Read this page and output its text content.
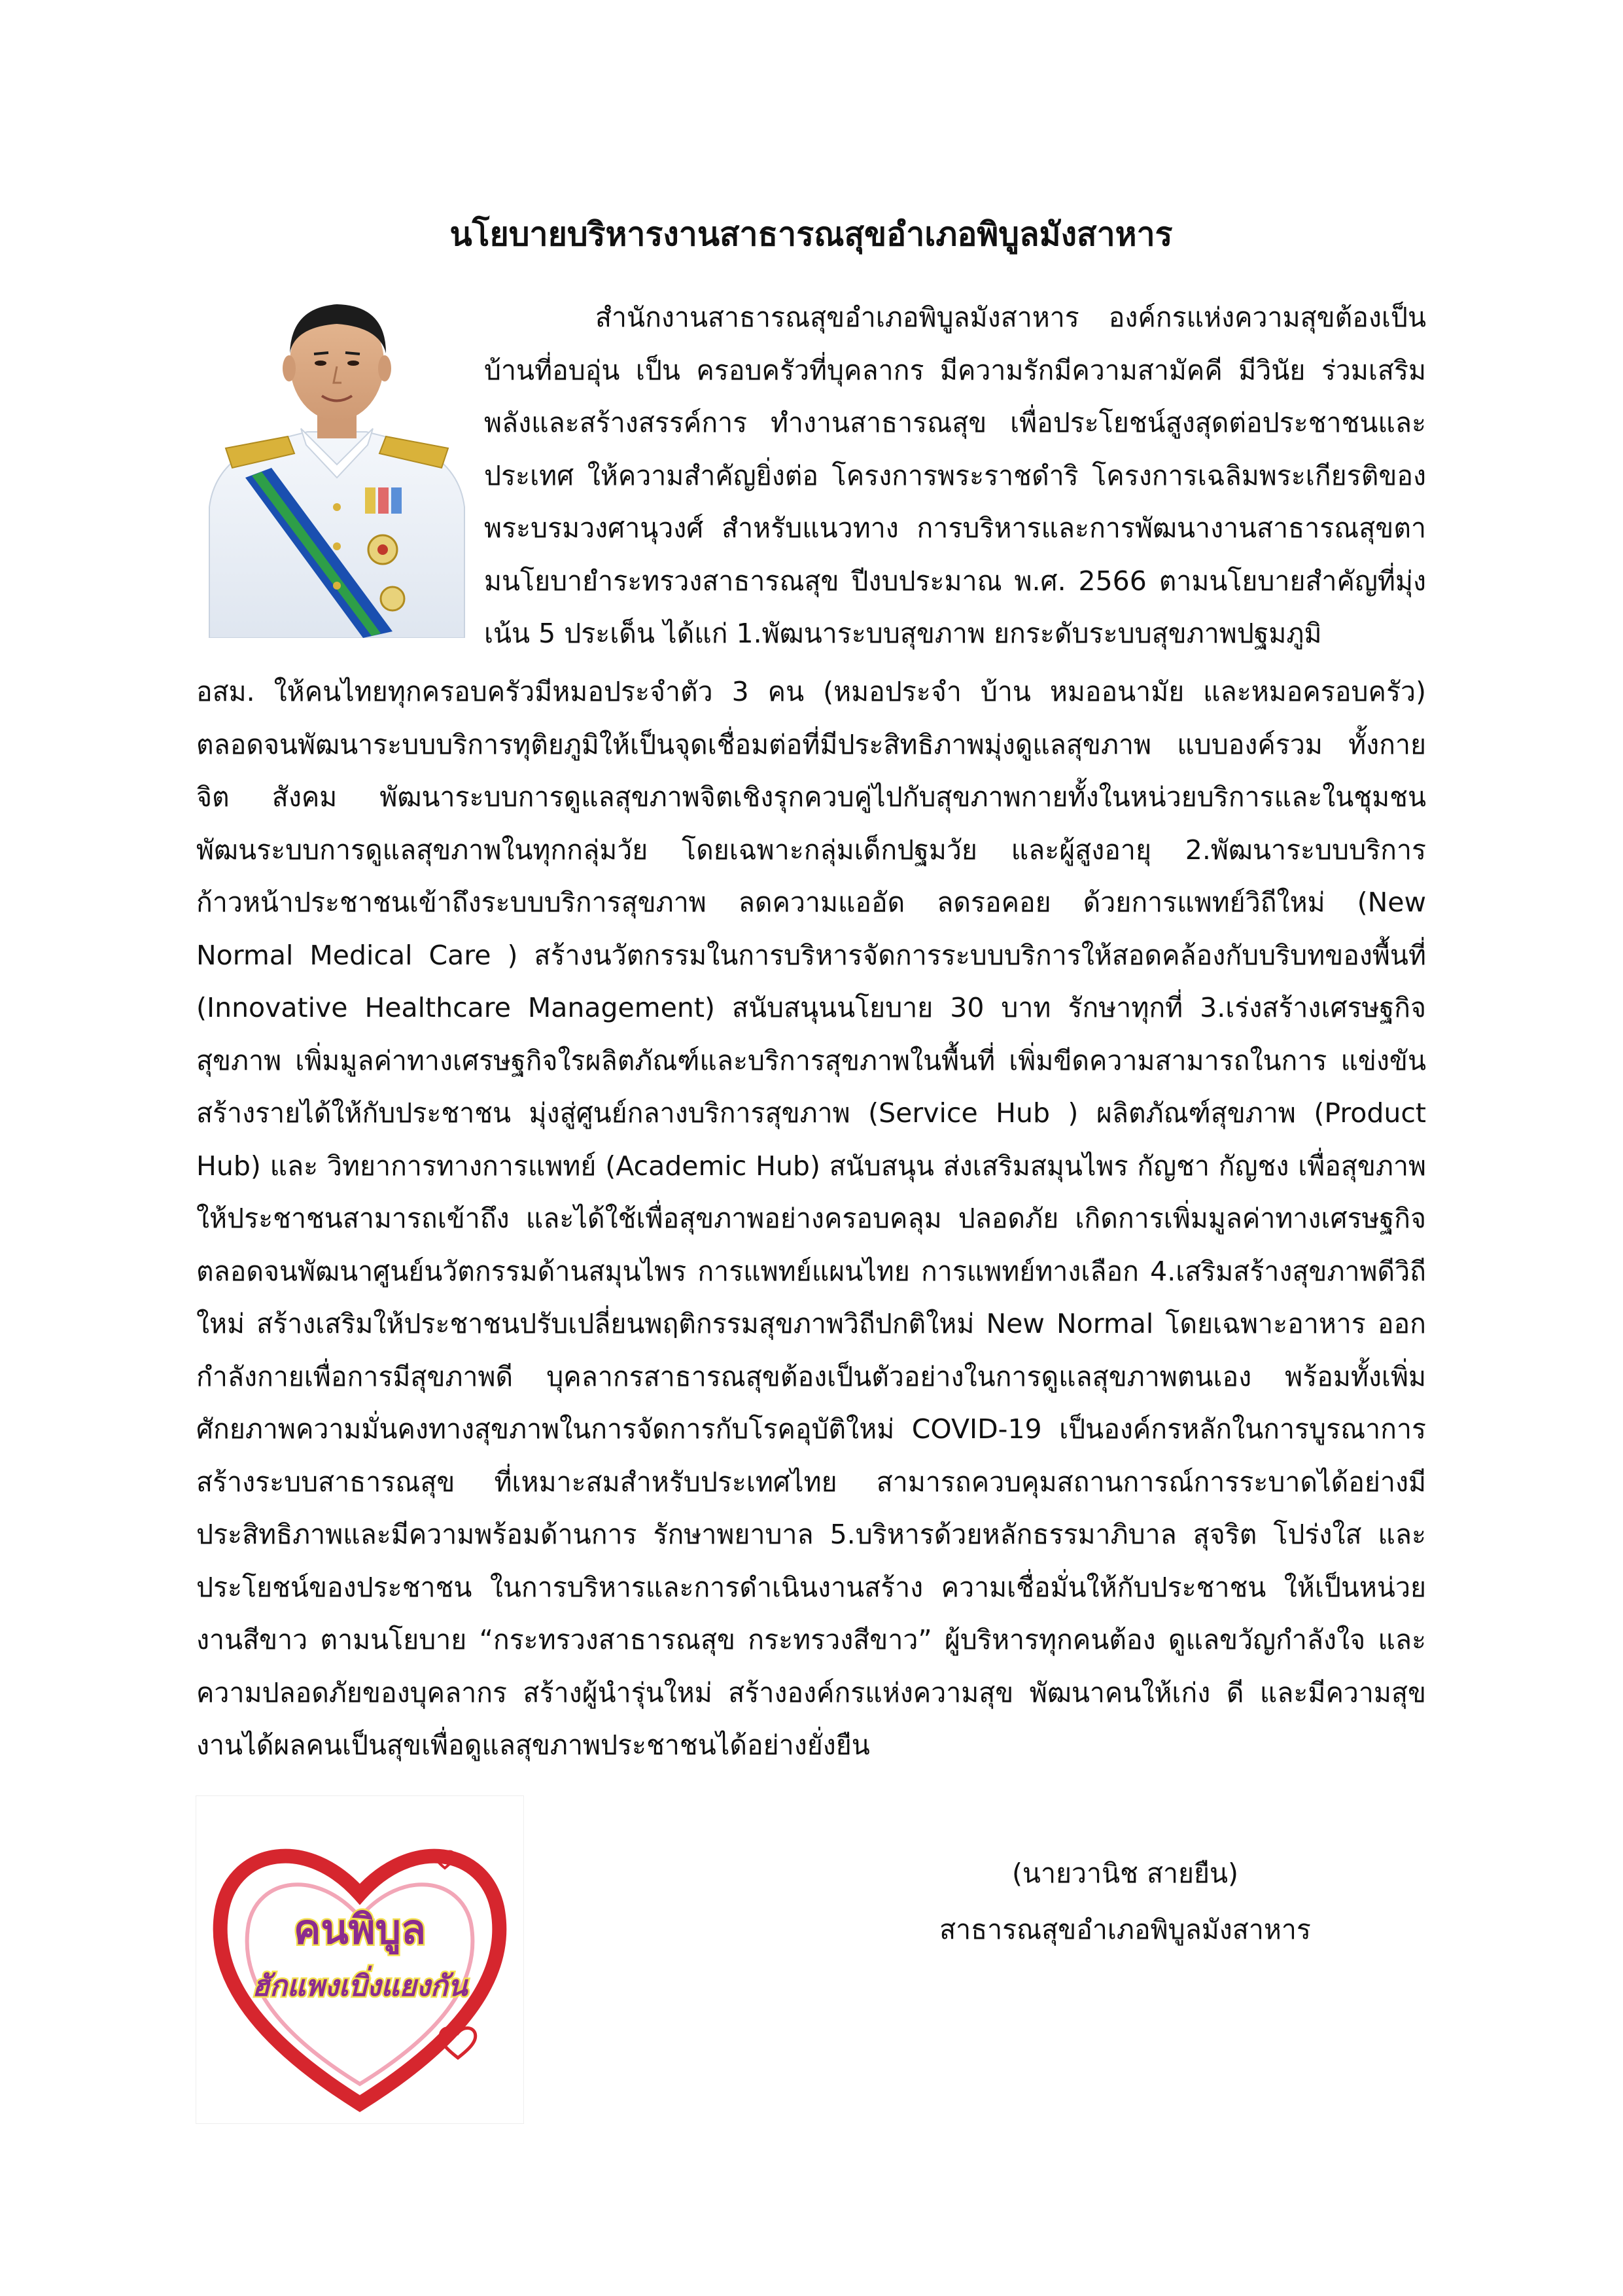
นโยบายบริหารงานสาธารณสุขอำเภอพิบูลมังสาหาร

สำนักงานสาธารณสุขอำเภอพิบูลมังสาหาร องค์กรแห่งความสุขต้องเป็นบ้านที่อบอุ่น เป็น ครอบครัวที่บุคลากร มีความรักมีความสามัคคี มีวินัย ร่วมเสริมพลังและสร้างสรรค์การ ทำงานสาธารณสุข เพื่อประโยชน์สูงสุดต่อประชาชนและประเทศ ให้ความสำคัญยิ่งต่อ โครงการพระราชดำริ โครงการเฉลิมพระเกียรติของพระบรมวงศานุวงศ์ สำหรับแนวทาง การบริหารและการพัฒนางานสาธารณสุขตามนโยบายำระทรวงสาธารณสุข ปีงบประมาณ พ.ศ. 2566 ตามนโยบายสำคัญที่มุ่งเน้น 5 ประเด็น ได้แก่ 1.พัฒนาระบบสุขภาพ ยกระดับระบบสุขภาพปฐมภูมิ

อสม. ให้คนไทยทุกครอบครัวมีหมอประจำตัว 3 คน (หมอประจำ บ้าน หมออนามัย และหมอครอบครัว) ตลอดจนพัฒนาระบบบริการทุติยภูมิให้เป็นจุดเชื่อมต่อที่มีประสิทธิภาพมุ่งดูแลสุขภาพ แบบองค์รวม ทั้งกาย จิต สังคม พัฒนาระบบการดูแลสุขภาพจิตเชิงรุกควบคู่ไปกับสุขภาพกายทั้งในหน่วยบริการและในชุมชน พัฒนระบบการดูแลสุขภาพในทุกกลุ่มวัย โดยเฉพาะกลุ่มเด็กปฐมวัย และผู้สูงอายุ 2.พัฒนาระบบบริการก้าวหน้าประชาชนเข้าถึงระบบบริการสุขภาพ ลดความแออัด ลดรอคอย ด้วยการแพทย์วิถีใหม่ (New Normal Medical Care ) สร้างนวัตกรรมในการบริหารจัดการระบบบริการให้สอดคล้องกับบริบทของพื้นที่ (Innovative Healthcare Management) สนับสนุนนโยบาย 30 บาท รักษาทุกที่ 3.เร่งสร้างเศรษฐกิจสุขภาพ เพิ่มมูลค่าทางเศรษฐกิจใรผลิตภัณฑ์และบริการสุขภาพในพื้นที่ เพิ่มขีดความสามารถในการ แข่งขัน สร้างรายได้ให้กับประชาชน มุ่งสู่ศูนย์กลางบริการสุขภาพ (Service Hub ) ผลิตภัณฑ์สุขภาพ (Product Hub) และ วิทยาการทางการแพทย์ (Academic Hub) สนับสนุน ส่งเสริมสมุนไพร กัญชา กัญชง เพื่อสุขภาพ ให้ประชาชนสามารถเข้าถึง และได้ใช้เพื่อสุขภาพอย่างครอบคลุม ปลอดภัย เกิดการเพิ่มมูลค่าทางเศรษฐกิจตลอดจนพัฒนาศูนย์นวัตกรรมด้านสมุนไพร การแพทย์แผนไทย การแพทย์ทางเลือก 4.เสริมสร้างสุขภาพดีวิถีใหม่ สร้างเสริมให้ประชาชนปรับเปลี่ยนพฤติกรรมสุขภาพวิถีปกติใหม่ New Normal โดยเฉพาะอาหาร ออกกำลังกายเพื่อการมีสุขภาพดี บุคลากรสาธารณสุขต้องเป็นตัวอย่างในการดูแลสุขภาพตนเอง พร้อมทั้งเพิ่มศักยภาพความมั่นคงทางสุขภาพในการจัดการกับโรคอุบัติใหม่ COVID-19 เป็นองค์กรหลักในการบูรณาการสร้างระบบสาธารณสุข ที่เหมาะสมสำหรับประเทศไทย สามารถควบคุมสถานการณ์การระบาดได้อย่างมีประสิทธิภาพและมีความพร้อมด้านการ รักษาพยาบาล 5.บริหารด้วยหลักธรรมาภิบาล สุจริต โปร่งใส และประโยชน์ของประชาชน ในการบริหารและการดำเนินงานสร้าง ความเชื่อมั่นให้กับประชาชน ให้เป็นหน่วยงานสีขาว ตามนโยบาย “กระทรวงสาธารณสุข กระทรวงสีขาว” ผู้บริหารทุกคนต้อง ดูแลขวัญกำลังใจ และความปลอดภัยของบุคลากร สร้างผู้นำรุ่นใหม่ สร้างองค์กรแห่งความสุข พัฒนาคนให้เก่ง ดี และมีความสุข งานได้ผลคนเป็นสุขเพื่อดูแลสุขภาพประชาชนได้อย่างยั่งยืน

คนพิบูล
ฮักแพงเบิ่งแยงกัน
(นายวานิช สายยืน)
สาธารณสุขอำเภอพิบูลมังสาหาร
